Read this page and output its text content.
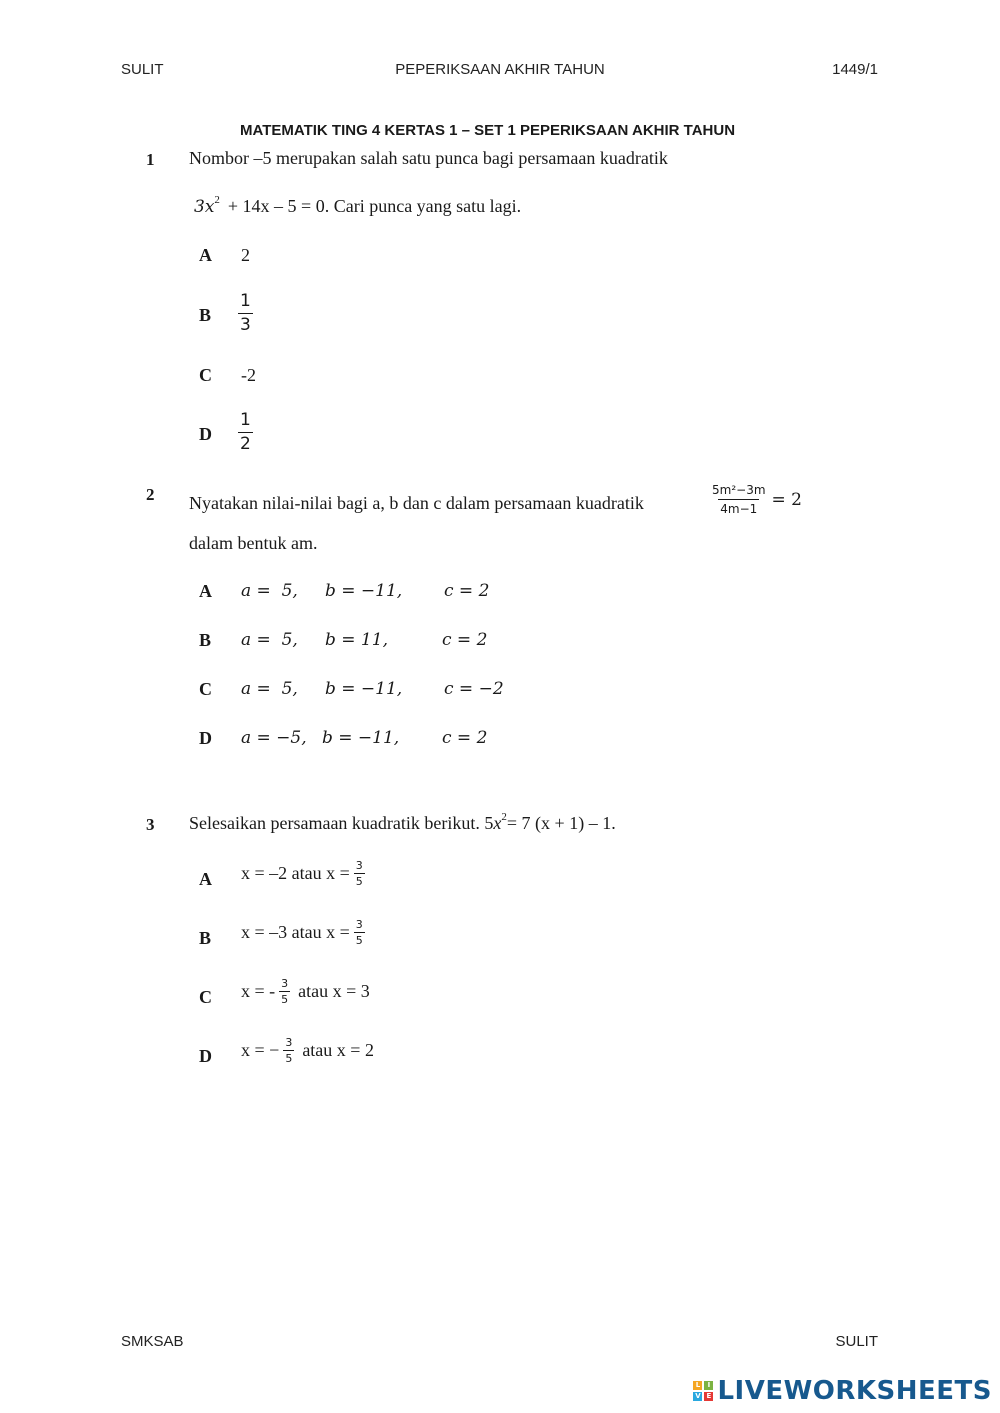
SULIT	PEPERIKSAAN AKHIR TAHUN	1449/1
MATEMATIK TING 4 KERTAS 1 – SET 1 PEPERIKSAAN AKHIR TAHUN
1 Nombor –5 merupakan salah satu punca bagi persamaan kuadratik
$3x^2 + 14x - 5 = 0$. Cari punca yang satu lagi.
A 2
B $\frac{1}{3}$
C -2
D $\frac{1}{2}$
2 Nyatakan nilai-nilai bagi a, b dan c dalam persamaan kuadratik	$\frac{\text{5m²−3m}}{4m-1} = 2$
dalam bentuk am.
A a =  5, b = −11, c = 2
B a =  5, b = 11,	c = 2
C a =  5, b = −11, c = −2
D a = −5, b = −11,	c = 2
3 Selesaikan persamaan kuadratik berikut. 5 $x^2 = 7$ (x + 1) – 1.
A x = –2 atau $x = \frac{3}{5}$
B x = –3 atau $x = \frac{3}{5}$
C x = - $\frac{3}{5}$ atau x = 3
D x = − $\frac{3}{5}$ atau x = 2
SMKSAB	SULIT
L	I
V E LIVEWORKSHEETS
